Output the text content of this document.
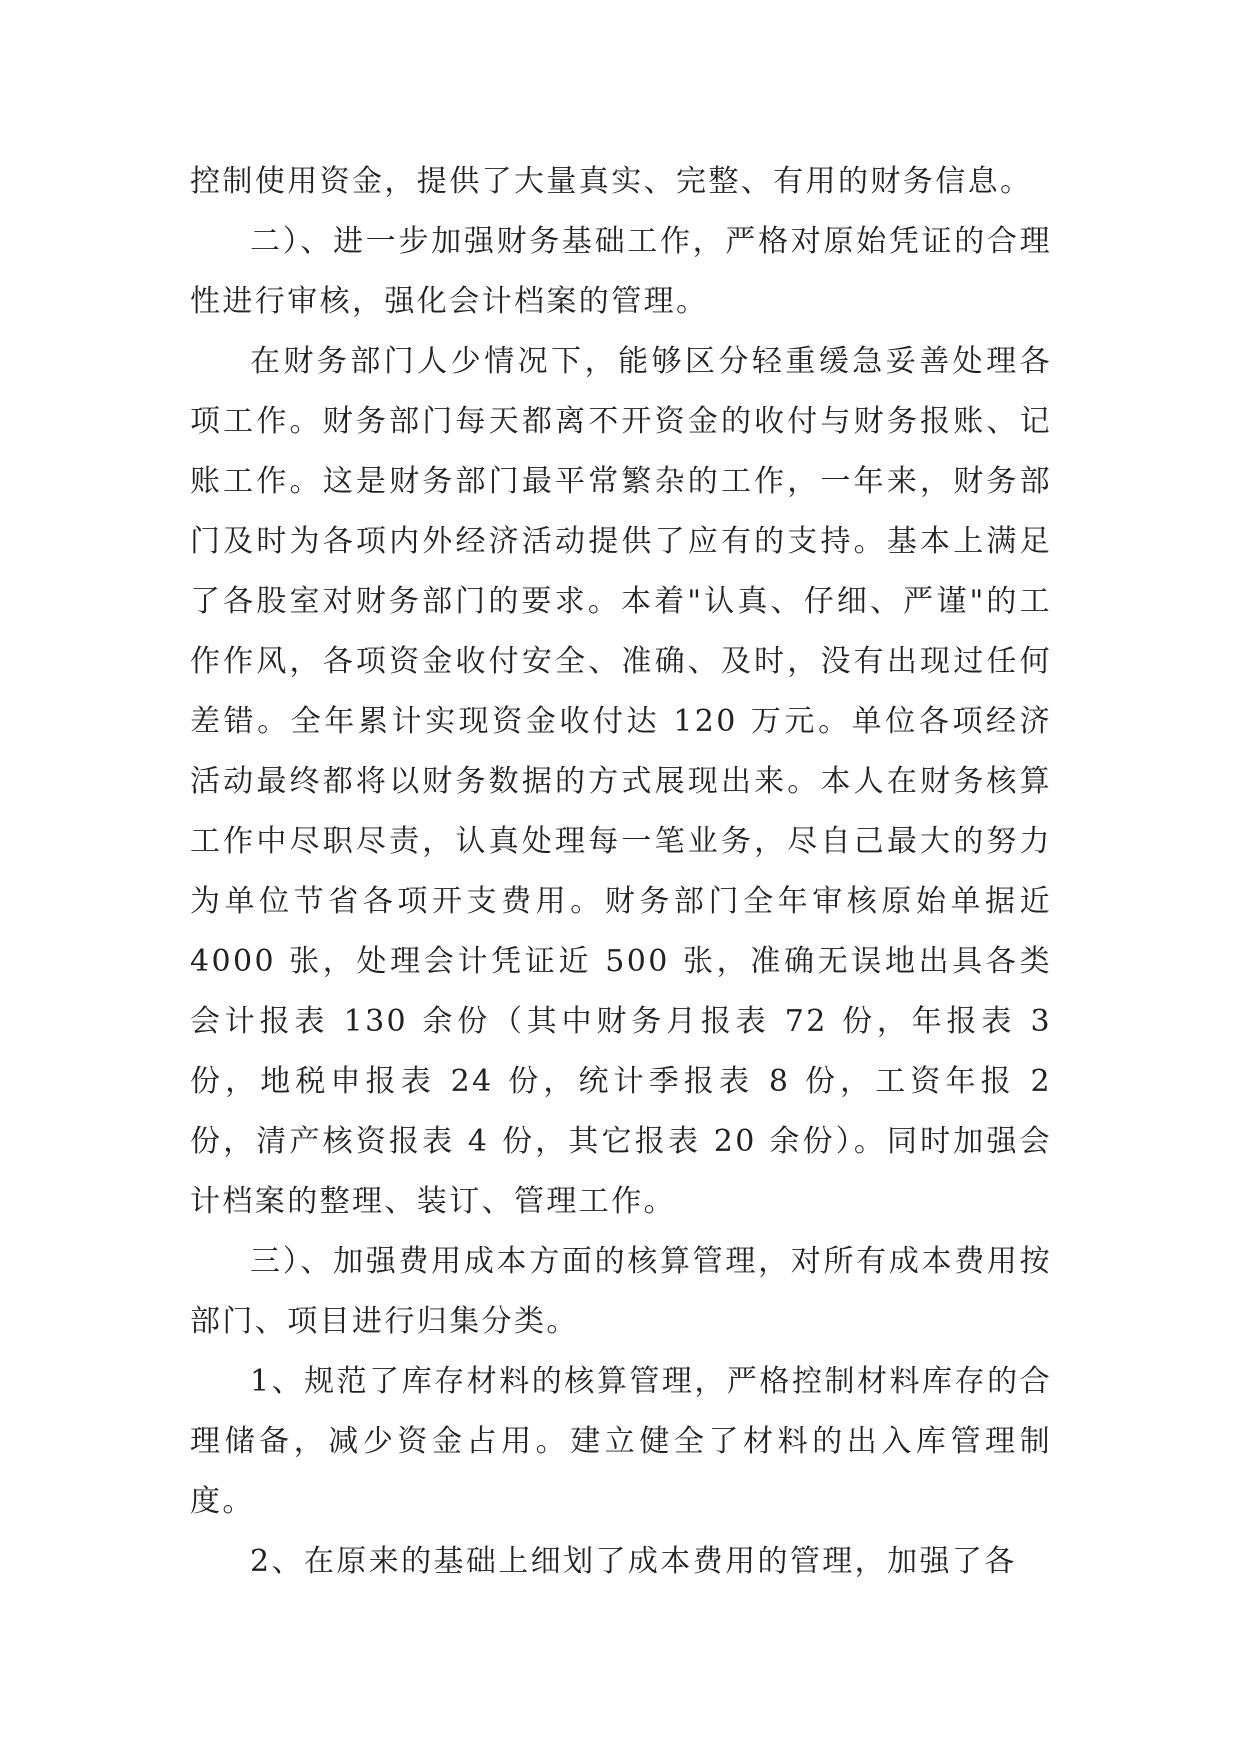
控制使用资金，提供了大量真实、完整、有用的财务信息。

二）、进一步加强财务基础工作，严格对原始凭证的合理性进行审核，强化会计档案的管理。

在财务部门人少情况下，能够区分轻重缓急妥善处理各项工作。财务部门每天都离不开资金的收付与财务报账、记账工作。这是财务部门最平常繁杂的工作，一年来，财务部门及时为各项内外经济活动提供了应有的支持。基本上满足了各股室对财务部门的要求。本着"认真、仔细、严谨"的工作作风，各项资金收付安全、准确、及时，没有出现过任何差错。全年累计实现资金收付达 120 万元。单位各项经济活动最终都将以财务数据的方式展现出来。本人在财务核算工作中尽职尽责，认真处理每一笔业务，尽自己最大的努力为单位节省各项开支费用。财务部门全年审核原始单据近 4000 张，处理会计凭证近 500 张，准确无误地出具各类会计报表 130 余份（其中财务月报表 72 份，年报表 3 份，地税申报表 24 份，统计季报表 8 份，工资年报 2 份，清产核资报表 4 份，其它报表 20 余份）。同时加强会计档案的整理、装订、管理工作。

三）、加强费用成本方面的核算管理，对所有成本费用按部门、项目进行归集分类。

1、规范了库存材料的核算管理，严格控制材料库存的合理储备，减少资金占用。建立健全了材料的出入库管理制度。

2、在原来的基础上细划了成本费用的管理，加强了各
